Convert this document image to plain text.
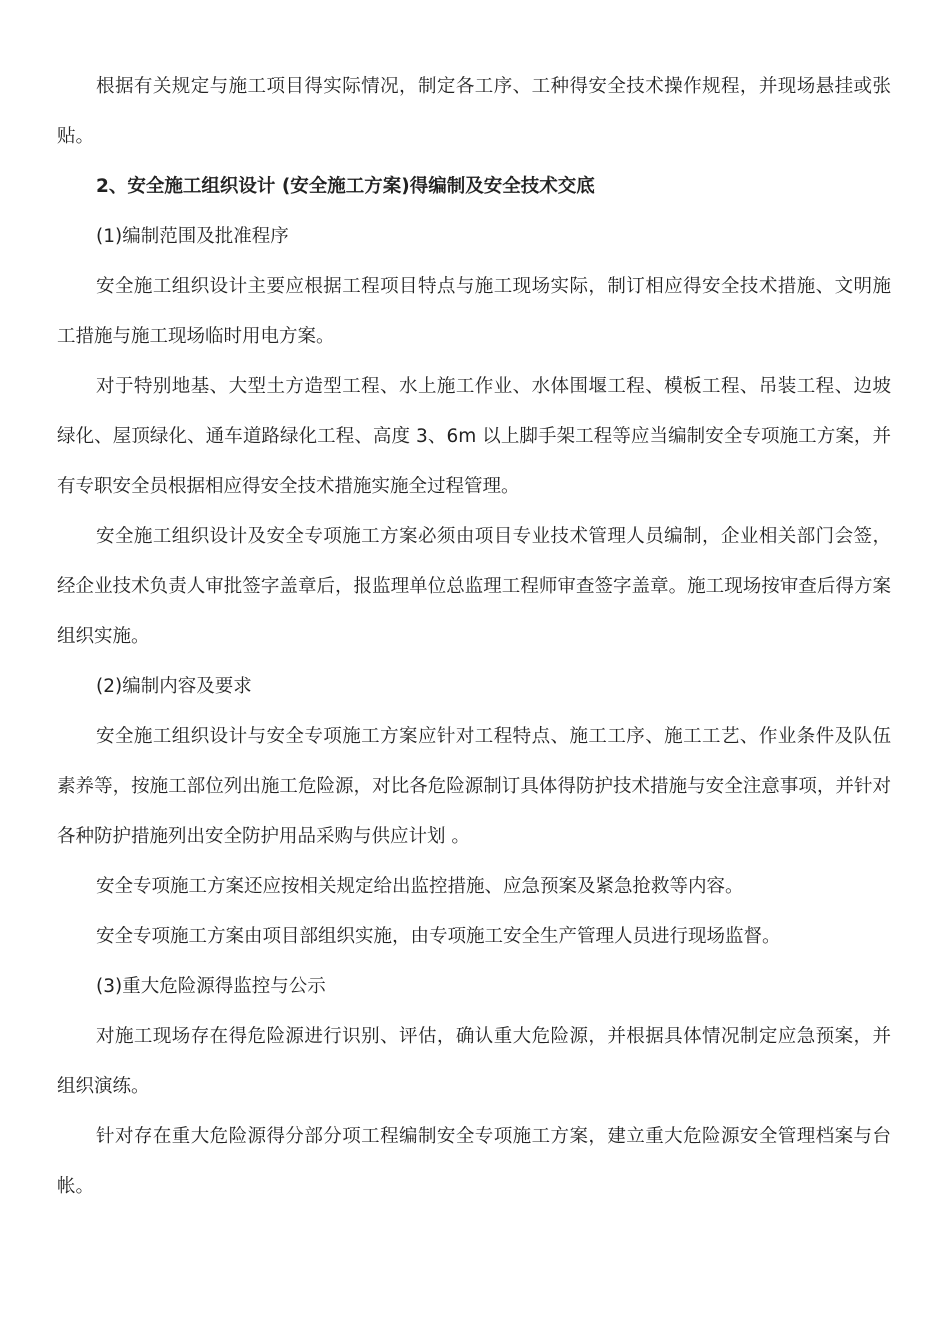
根据有关规定与施工项目得实际情况，制定各工序、工种得安全技术操作规程，并现场悬挂或张贴。

2、安全施工组织设计 (安全施工方案)得编制及安全技术交底

(1)编制范围及批准程序

安全施工组织设计主要应根据工程项目特点与施工现场实际，制订相应得安全技术措施、文明施工措施与施工现场临时用电方案。

对于特别地基、大型土方造型工程、水上施工作业、水体围堰工程、模板工程、吊装工程、边坡绿化、屋顶绿化、通车道路绿化工程、高度 3、6m 以上脚手架工程等应当编制安全专项施工方案，并有专职安全员根据相应得安全技术措施实施全过程管理。

安全施工组织设计及安全专项施工方案必须由项目专业技术管理人员编制，企业相关部门会签，经企业技术负责人审批签字盖章后，报监理单位总监理工程师审查签字盖章。施工现场按审查后得方案组织实施。

(2)编制内容及要求

安全施工组织设计与安全专项施工方案应针对工程特点、施工工序、施工工艺、作业条件及队伍素养等，按施工部位列出施工危险源，对比各危险源制订具体得防护技术措施与安全注意事项，并针对各种防护措施列出安全防护用品采购与供应计划 。

安全专项施工方案还应按相关规定给出监控措施、应急预案及紧急抢救等内容。

安全专项施工方案由项目部组织实施，由专项施工安全生产管理人员进行现场监督。

(3)重大危险源得监控与公示

对施工现场存在得危险源进行识别、评估，确认重大危险源，并根据具体情况制定应急预案，并组织演练。

针对存在重大危险源得分部分项工程编制安全专项施工方案，建立重大危险源安全管理档案与台帐。
